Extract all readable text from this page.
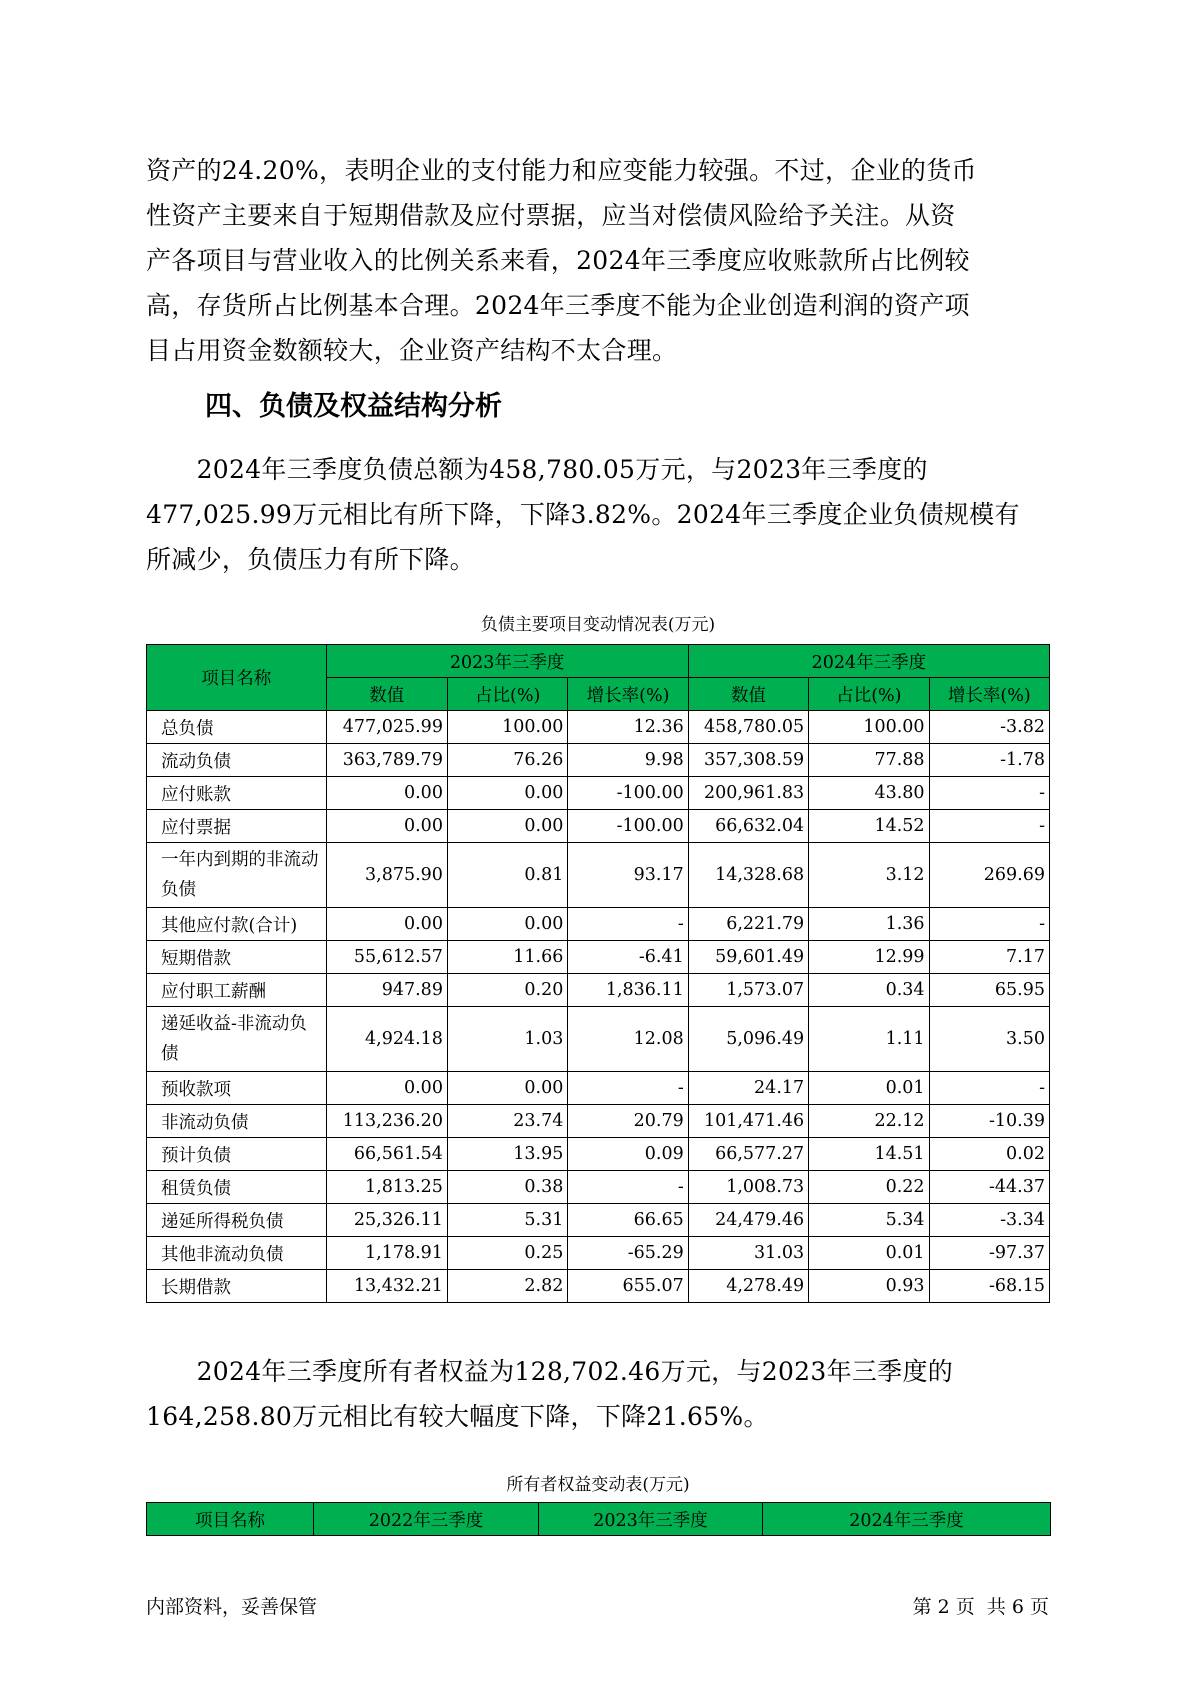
资产的24.20%，表明企业的支付能力和应变能力较强。不过，企业的货币
性资产主要来自于短期借款及应付票据，应当对偿债风险给予关注。从资
产各项目与营业收入的比例关系来看，2024年三季度应收账款所占比例较
高，存货所占比例基本合理。2024年三季度不能为企业创造利润的资产项
目占用资金数额较大，企业资产结构不太合理。
四、负债及权益结构分析
　　2024年三季度负债总额为458,780.05万元，与2023年三季度的
477,025.99万元相比有所下降，下降3.82%。2024年三季度企业负债规模有
所减少，负债压力有所下降。
负债主要项目变动情况表(万元)
项目名称	2023年三季度			2024年三季度		
	数值	占比(%)	增长率(%)	数值	占比(%)	增长率(%)
总负债	477,025.99	100.00	12.36	458,780.05	100.00	-3.82
流动负债	363,789.79	76.26	9.98	357,308.59	77.88	-1.78
应付账款	0.00	0.00	-100.00	200,961.83	43.80	-
应付票据	0.00	0.00	-100.00	66,632.04	14.52	-
一年内到期的非流动负债	3,875.90	0.81	93.17	14,328.68	3.12	269.69
其他应付款(合计)	0.00	0.00	-	6,221.79	1.36	-
短期借款	55,612.57	11.66	-6.41	59,601.49	12.99	7.17
应付职工薪酬	947.89	0.20	1,836.11	1,573.07	0.34	65.95
递延收益-非流动负债	4,924.18	1.03	12.08	5,096.49	1.11	3.50
预收款项	0.00	0.00	-	24.17	0.01	-
非流动负债	113,236.20	23.74	20.79	101,471.46	22.12	-10.39
预计负债	66,561.54	13.95	0.09	66,577.27	14.51	0.02
租赁负债	1,813.25	0.38	-	1,008.73	0.22	-44.37
递延所得税负债	25,326.11	5.31	66.65	24,479.46	5.34	-3.34
其他非流动负债	1,178.91	0.25	-65.29	31.03	0.01	-97.37
长期借款	13,432.21	2.82	655.07	4,278.49	0.93	-68.15
　　2024年三季度所有者权益为128,702.46万元，与2023年三季度的
164,258.80万元相比有较大幅度下降，下降21.65%。
所有者权益变动表(万元)
项目名称	2022年三季度	2023年三季度	2024年三季度
内部资料，妥善保管	第 2 页  共 6 页
